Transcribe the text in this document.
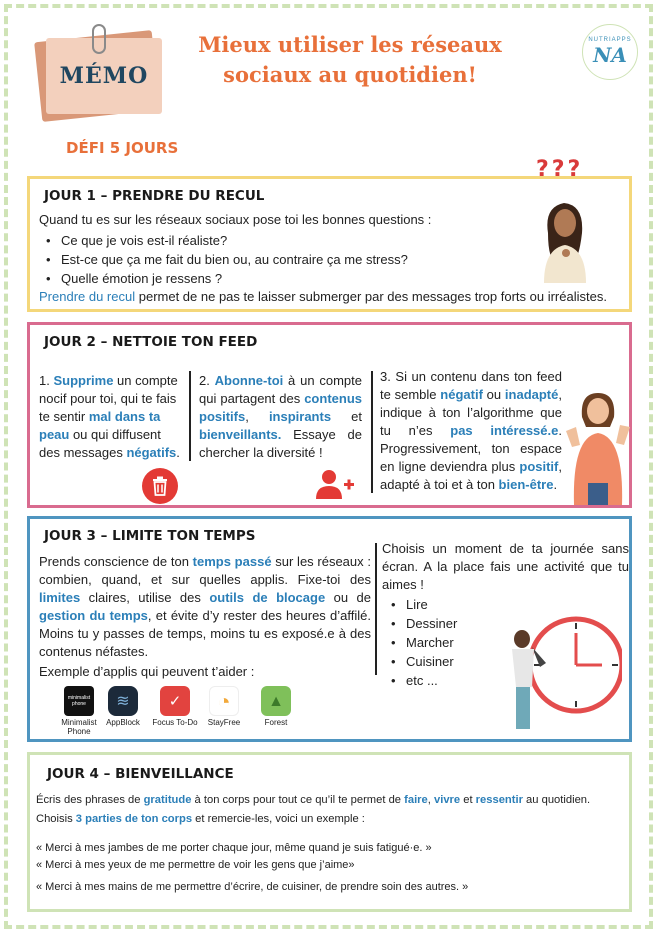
MÉMO
Mieux utiliser les réseaux
sociaux au quotidien!
NUTRIAPPS
NA
DÉFI 5 JOURS
JOUR 1 – PRENDRE DU RECUL
Quand tu es sur les réseaux sociaux pose toi les bonnes questions :
• Ce que je vois est-il réaliste?
• Est-ce que ça me fait du bien ou, au contraire ça me stress?
• Quelle émotion je ressens ?
Prendre du recul permet de ne pas te laisser submerger par des messages trop forts ou irréalistes.
???
JOUR 2 – NETTOIE TON FEED
1. Supprime un compte nocif pour toi, qui te fais te sentir mal dans ta peau ou qui diffusent des messages négatifs.
2. Abonne-toi à un compte qui partagent des contenus positifs, inspirants et bienveillants. Essaye de chercher la diversité !
3. Si un contenu dans ton feed te semble négatif ou inadapté, indique à ton l’algorithme que tu n’es pas intéressé.e. Progressivement, ton espace en ligne deviendra plus positif, adapté à toi et à ton bien-être.
JOUR 3 – LIMITE TON TEMPS
Prends conscience de ton temps passé sur les réseaux : combien, quand, et sur quelles applis. Fixe-toi des limites claires, utilise des outils de blocage ou de gestion du temps, et évite d’y rester des heures d’affilé. Moins tu y passes de temps, moins tu es exposé.e à des contenus néfastes.
Exemple d’applis qui peuvent t’aider :
minimalist phone
Minimalist Phone
≋
AppBlock
✓
Focus To-Do
◔
StayFree
▲
Forest
Choisis un moment de ta journée sans écran. A la place fais une activité que tu aimes !
• Lire
• Dessiner
• Marcher
• Cuisiner
• etc ...
JOUR 4 – BIENVEILLANCE
Écris des phrases de gratitude à ton corps pour tout ce qu’il te permet de faire, vivre et ressentir au quotidien.
Choisis 3 parties de ton corps et remercie-les, voici un exemple :
« Merci à mes jambes de me porter chaque jour, même quand je suis fatigué·e. »
« Merci à mes yeux de me permettre de voir les gens que j’aime»
« Merci à mes mains de me permettre d’écrire, de cuisiner, de prendre soin des autres. »
